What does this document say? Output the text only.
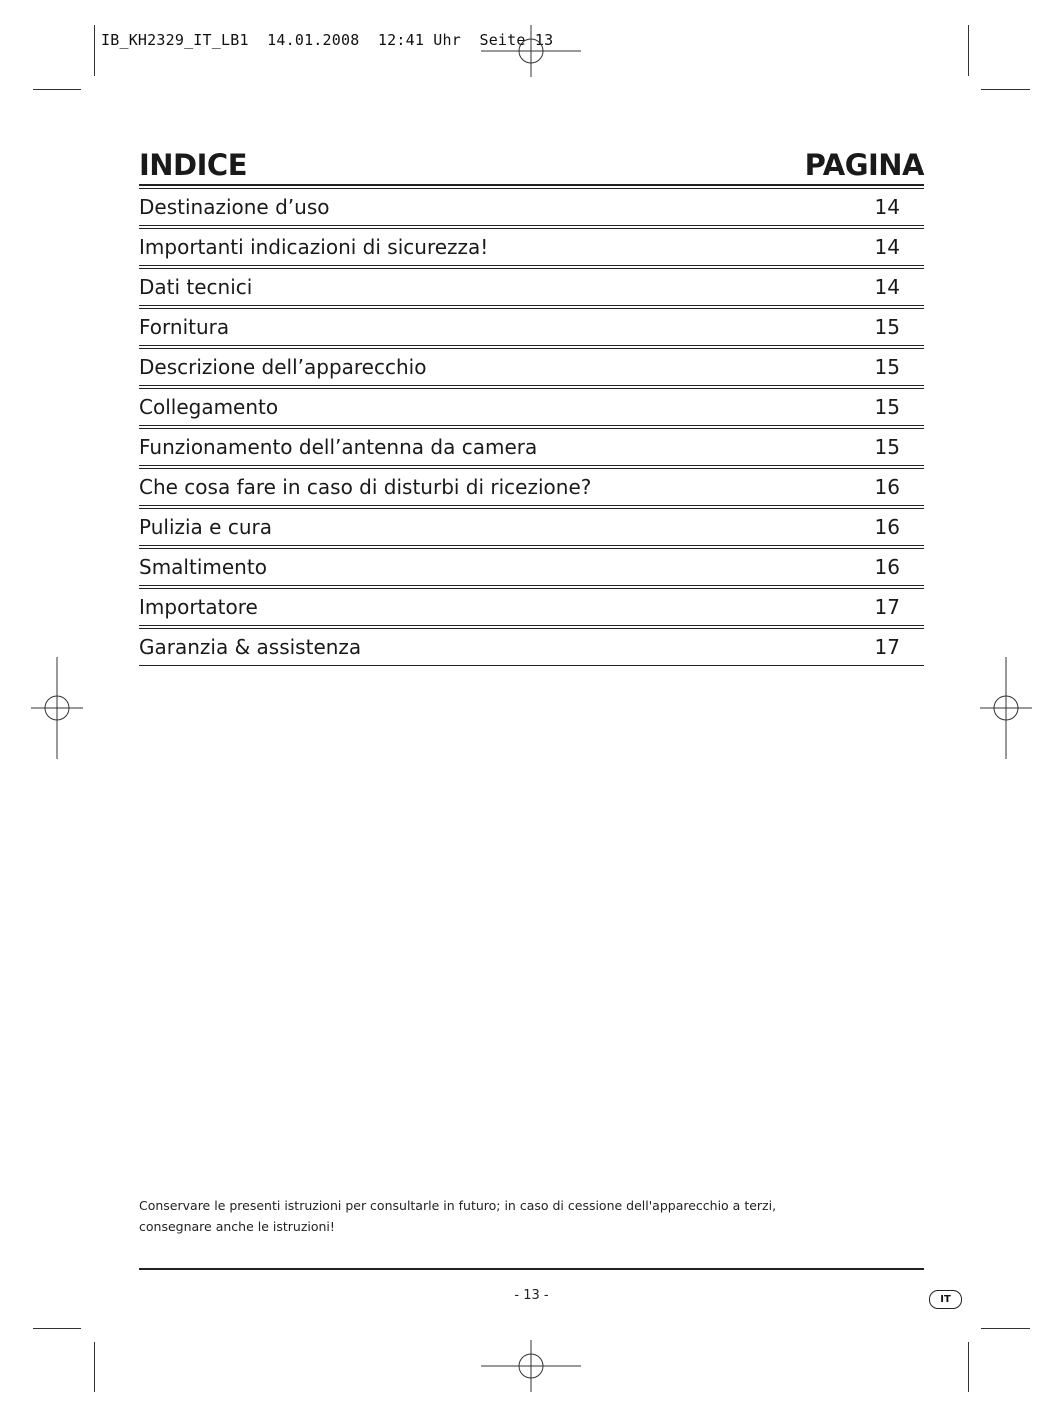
IB_KH2329_IT_LB1  14.01.2008  12:41 Uhr  Seite 13
INDICE	PAGINA
Destinazione d’uso	14
Importanti indicazioni di sicurezza!	14
Dati tecnici	14
Fornitura	15
Descrizione dell’apparecchio	15
Collegamento	15
Funzionamento dell’antenna da camera	15
Che cosa fare in caso di disturbi di ricezione?	16
Pulizia e cura	16
Smaltimento	16
Importatore	17
Garanzia & assistenza	17

Conservare le presenti istruzioni per consultarle in futuro; in caso di cessione dell'apparecchio a terzi,

consegnare anche le istruzioni!

- 13 -	IT
